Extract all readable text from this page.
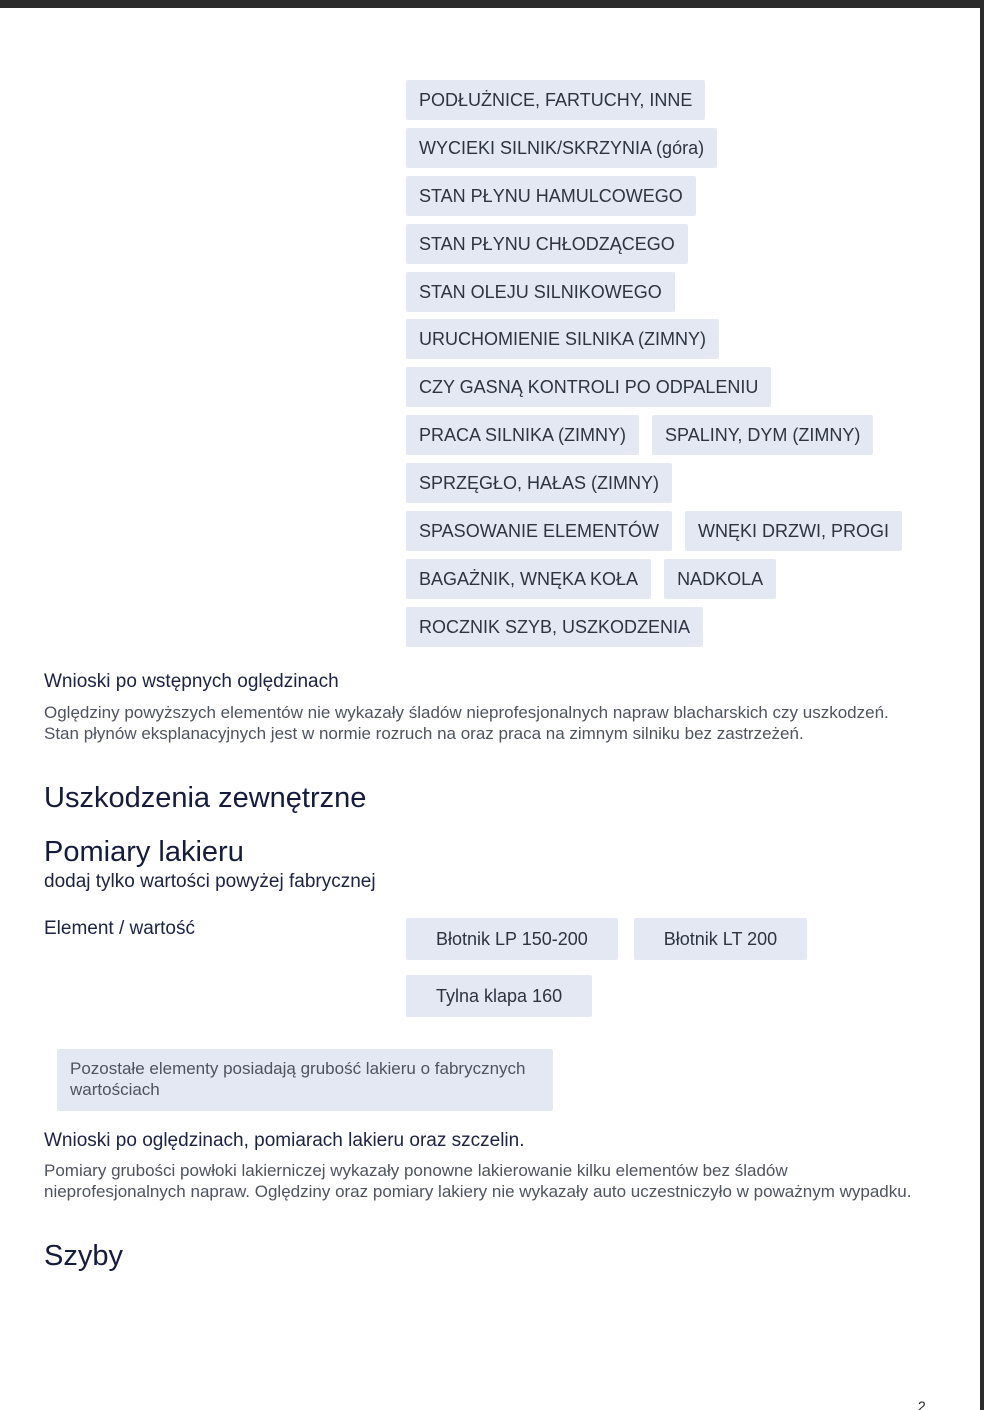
PODŁUŻNICE, FARTUCHY, INNE
WYCIEKI SILNIK/SKRZYNIA (góra)
STAN PŁYNU HAMULCOWEGO
STAN PŁYNU CHŁODZĄCEGO
STAN OLEJU SILNIKOWEGO
URUCHOMIENIE SILNIKA (ZIMNY)
CZY GASNĄ KONTROLI PO ODPALENIU
PRACA SILNIKA (ZIMNY)	SPALINY, DYM (ZIMNY)
SPRZĘGŁO, HAŁAS (ZIMNY)
SPASOWANIE ELEMENTÓW	WNĘKI DRZWI, PROGI
BAGAŻNIK, WNĘKA KOŁA	NADKOLA
ROCZNIK SZYB, USZKODZENIA
Wnioski po wstępnych oględzinach
Oględziny powyższych elementów nie wykazały śladów nieprofesjonalnych napraw blacharskich czy uszkodzeń. Stan płynów eksplanacyjnych jest w normie rozruch na oraz praca na zimnym silniku bez zastrzeżeń.
Uszkodzenia zewnętrzne
Pomiary lakieru
dodaj tylko wartości powyżej fabrycznej
Element / wartość	Błotnik LP 150-200	Błotnik LT 200
Tylna klapa 160
Pozostałe elementy posiadają grubość lakieru o fabrycznych wartościach
Wnioski po oględzinach, pomiarach lakieru oraz szczelin.
Pomiary grubości powłoki lakierniczej wykazały ponowne lakierowanie kilku elementów bez śladów nieprofesjonalnych napraw. Oględziny oraz pomiary lakiery nie wykazały auto uczestniczyło w poważnym wypadku.
Szyby
2
